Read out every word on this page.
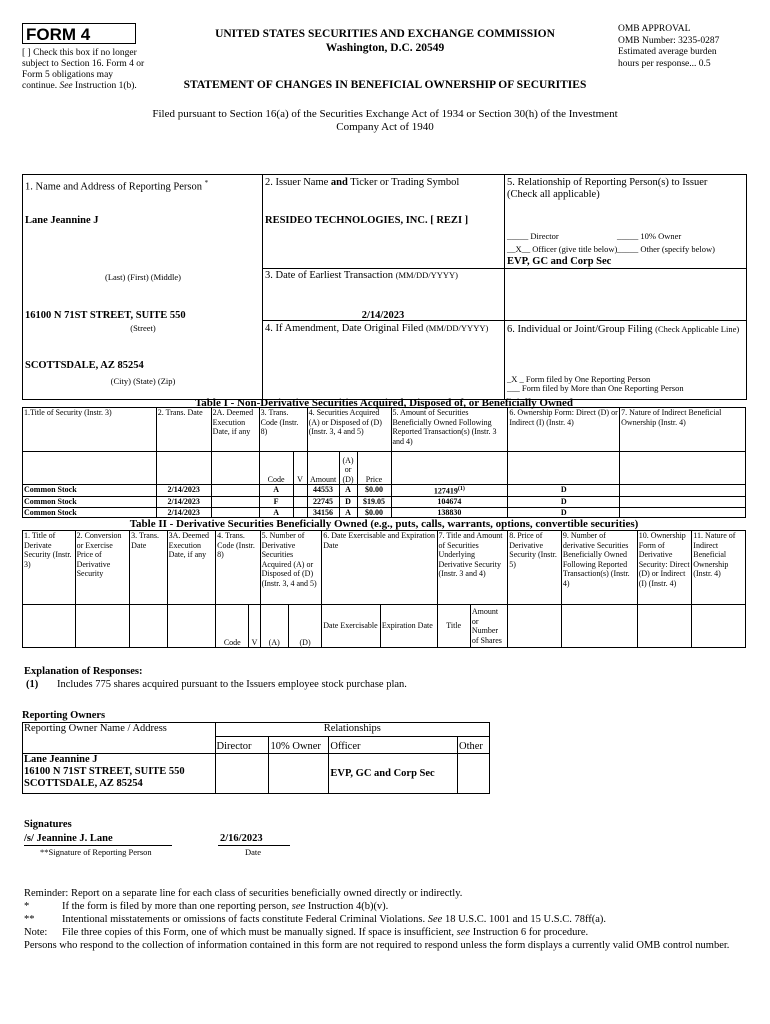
FORM 4
[ ] Check this box if no longer subject to Section 16. Form 4 or Form 5 obligations may continue. See Instruction 1(b).
UNITED STATES SECURITIES AND EXCHANGE COMMISSION
Washington, D.C. 20549
OMB APPROVAL
OMB Number: 3235-0287
Estimated average burden
hours per response... 0.5
STATEMENT OF CHANGES IN BENEFICIAL OWNERSHIP OF SECURITIES
Filed pursuant to Section 16(a) of the Securities Exchange Act of 1934 or Section 30(h) of the Investment Company Act of 1940
1. Name and Address of Reporting Person *
Lane Jeannine J
(Last) (First) (Middle)
16100 N 71ST STREET, SUITE 550
(Street)
SCOTTSDALE, AZ 85254
(City) (State) (Zip)
2. Issuer Name and Ticker or Trading Symbol
RESIDEO TECHNOLOGIES, INC. [ REZI ]
3. Date of Earliest Transaction (MM/DD/YYYY)
2/14/2023
4. If Amendment, Date Original Filed (MM/DD/YYYY)
5. Relationship of Reporting Person(s) to Issuer
(Check all applicable)
_____ Director	_____ 10% Owner
__X__ Officer (give title below) _____ Other (specify below)
EVP, GC and Corp Sec
6. Individual or Joint/Group Filing (Check Applicable Line)
_X _ Form filed by One Reporting Person
___ Form filed by More than One Reporting Person
Table I - Non-Derivative Securities Acquired, Disposed of, or Beneficially Owned
1.Title of Security (Instr. 3)	2. Trans. Date	2A. Deemed Execution Date, if any	3. Trans. Code (Instr. 8)		4. Securities Acquired (A) or Disposed of (D) (Instr. 3, 4 and 5)			5. Amount of Securities Beneficially Owned Following Reported Transaction(s) (Instr. 3 and 4)	6. Ownership Form: Direct (D) or Indirect (I) (Instr. 4)	7. Nature of Indirect Beneficial Ownership (Instr. 4)
			Code	V	Amount	(A) or (D)	Price			
Common Stock	2/14/2023		A		44553	A	$0.00	127419$^{(1)}$	D	
Common Stock	2/14/2023		F		22745	D	$19.05	104674	D	
Common Stock	2/14/2023		A		34156	A	$0.00	138830	D	
Table II - Derivative Securities Beneficially Owned (e.g., puts, calls, warrants, options, convertible securities)
1. Title of Derivate Security (Instr. 3)	2. Conversion or Exercise Price of Derivative Security	3. Trans. Date	3A. Deemed Execution Date, if any	4. Trans. Code (Instr. 8)		5. Number of Derivative Securities Acquired (A) or Disposed of (D) (Instr. 3, 4 and 5)		6. Date Exercisable and Expiration Date		7. Title and Amount of Securities Underlying Derivative Security (Instr. 3 and 4)		8. Price of Derivative Security (Instr. 5)	9. Number of derivative Securities Beneficially Owned Following Reported Transaction(s) (Instr. 4)	10. Ownership Form of Derivative Security: Direct (D) or Indirect (I) (Instr. 4)	11. Nature of Indirect Beneficial Ownership (Instr. 4)
				Code	V	(A)	(D)	Date Exercisable	Expiration Date	Title	Amount or Number of Shares				
Explanation of Responses:
(1) Includes 775 shares acquired pursuant to the Issuers employee stock purchase plan.
Reporting Owners
Reporting Owner Name / Address	Relationships			
	Director	10% Owner	Officer	Other

Lane Jeannine J
16100 N 71ST STREET, SUITE 550
SCOTTSDALE, AZ 85254			EVP, GC and Corp Sec	
Signatures
/s/ Jeannine J. Lane	2/16/2023
**Signature of Reporting Person	Date
Reminder: Report on a separate line for each class of securities beneficially owned directly or indirectly.
*	If the form is filed by more than one reporting person, see Instruction 4(b)(v).
**	Intentional misstatements or omissions of facts constitute Federal Criminal Violations. See 18 U.S.C. 1001 and 15 U.S.C. 78ff(a).
Note: File three copies of this Form, one of which must be manually signed. If space is insufficient, see Instruction 6 for procedure.
Persons who respond to the collection of information contained in this form are not required to respond unless the form displays a currently valid OMB control number.
